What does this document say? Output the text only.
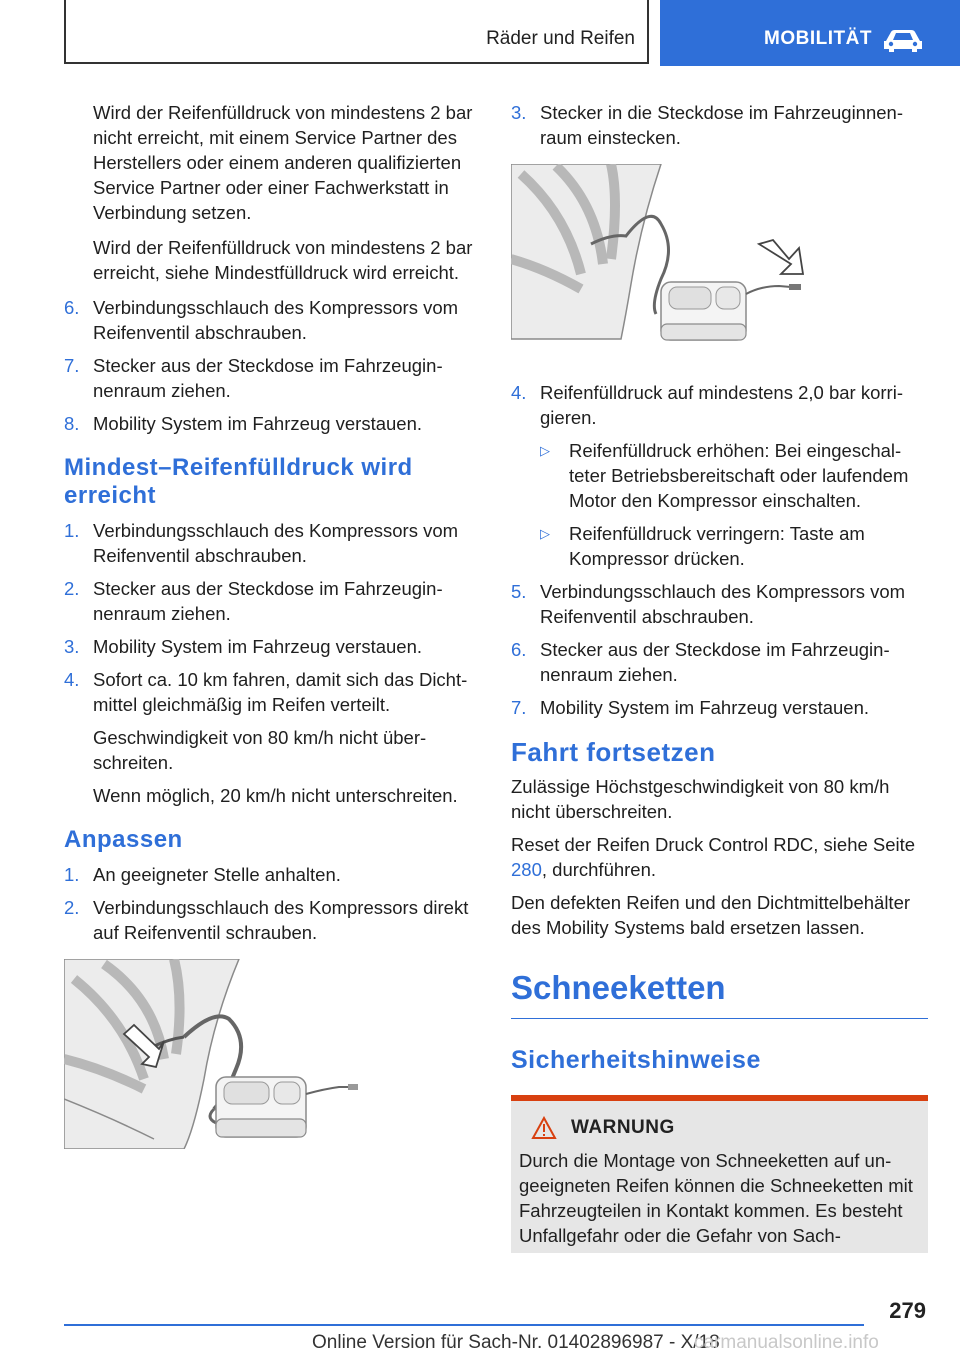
Räder und Reifen	MOBILITÄT

Wird der Reifenfülldruck von mindestens 2 bar nicht erreicht, mit einem Service Partner des Herstellers oder einem anderen qualifizierten Service Partner oder einer Fachwerkstatt in Verbindung setzen.

Wird der Reifenfülldruck von mindestens 2 bar erreicht, siehe Mindestfülldruck wird erreicht.

6. Verbindungsschlauch des Kompressors vom Reifenventil abschrauben.
7. Stecker aus der Steckdose im Fahrzeuginnenraum ziehen.
8. Mobility System im Fahrzeug verstauen.
Mindest–Reifenfülldruck wird erreicht
1. Verbindungsschlauch des Kompressors vom Reifenventil abschrauben.
2. Stecker aus der Steckdose im Fahrzeuginnenraum ziehen.
3. Mobility System im Fahrzeug verstauen.
4. Sofort ca. 10 km fahren, damit sich das Dichtmittel gleichmäßig im Reifen verteilt.
Geschwindigkeit von 80 km/h nicht überschreiten.
Wenn möglich, 20 km/h nicht unterschreiten.
Anpassen
1. An geeigneter Stelle anhalten.
2. Verbindungsschlauch des Kompressors direkt auf Reifenventil schrauben.
3. Stecker in die Steckdose im Fahrzeuginnenraum einstecken.
4. Reifenfülldruck auf mindestens 2,0 bar korrigieren.
▷	Reifenfülldruck erhöhen: Bei eingeschalteter Betriebsbereitschaft oder laufendem Motor den Kompressor einschalten.
▷	Reifenfülldruck verringern: Taste am Kompressor drücken.
5. Verbindungsschlauch des Kompressors vom Reifenventil abschrauben.
6. Stecker aus der Steckdose im Fahrzeuginnenraum ziehen.
7. Mobility System im Fahrzeug verstauen.
Fahrt fortsetzen

Zulässige Höchstgeschwindigkeit von 80 km/h nicht überschreiten.

Reset der Reifen Druck Control RDC, siehe Seite 280, durchführen.

Den defekten Reifen und den Dichtmittelbehälter des Mobility Systems bald ersetzen lassen.

Schneeketten
Sicherheitshinweise
WARNUNG

Durch die Montage von Schneeketten auf ungeeigneten Reifen können die Schneeketten mit Fahrzeugteilen in Kontakt kommen. Es besteht Unfallgefahr oder die Gefahr von Sach-

279
Online Version für Sach-Nr. 01402896987 - X/18
carmanualsonline.info
